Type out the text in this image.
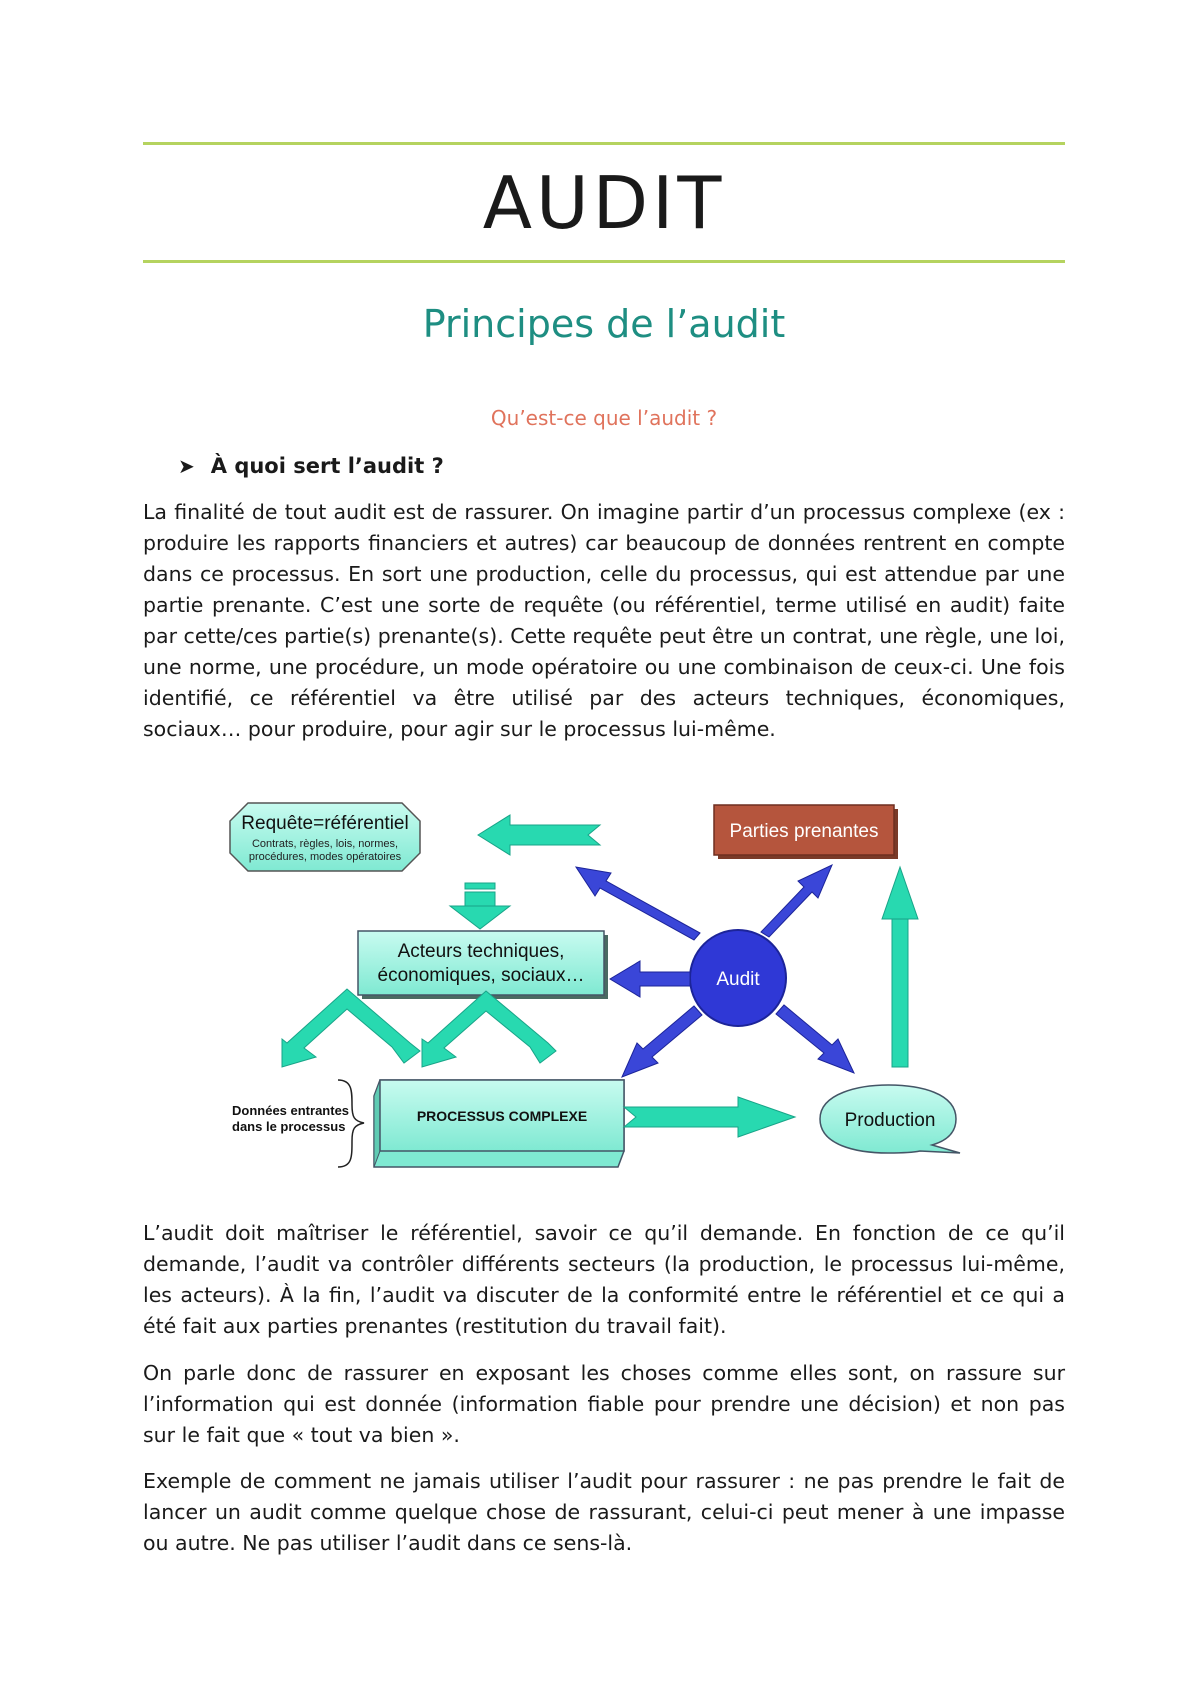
AUDIT
Principes de l’audit
Qu’est-ce que l’audit ?
➤ À quoi sert l’audit ?

La finalité de tout audit est de rassurer. On imagine partir d’un processus complexe (ex : produire les rapports financiers et autres) car beaucoup de données rentrent en compte dans ce processus. En sort une production, celle du processus, qui est attendue par une partie prenante. C’est une sorte de requête (ou référentiel, terme utilisé en audit) faite par cette/ces partie(s) prenante(s). Cette requête peut être un contrat, une règle, une loi, une norme, une procédure, un mode opératoire ou une combinaison de ceux-ci. Une fois identifié, ce référentiel va être utilisé par des acteurs techniques, économiques, sociaux… pour produire, pour agir sur le processus lui-même.

Requête=référentiel
Contrats, règles, lois, normes,
procédures, modes opératoires
Parties prenantes
Acteurs techniques,
économiques, sociaux…	Audit
PROCESSUS COMPLEXE	Production
Données entrantes
dans le processus

L’audit doit maîtriser le référentiel, savoir ce qu’il demande. En fonction de ce qu’il demande, l’audit va contrôler différents secteurs (la production, le processus lui-même, les acteurs). À la fin, l’audit va discuter de la conformité entre le référentiel et ce qui a été fait aux parties prenantes (restitution du travail fait).

On parle donc de rassurer en exposant les choses comme elles sont, on rassure sur l’information qui est donnée (information fiable pour prendre une décision) et non pas sur le fait que « tout va bien ».

Exemple de comment ne jamais utiliser l’audit pour rassurer : ne pas prendre le fait de lancer un audit comme quelque chose de rassurant, celui-ci peut mener à une impasse ou autre. Ne pas utiliser l’audit dans ce sens-là.
